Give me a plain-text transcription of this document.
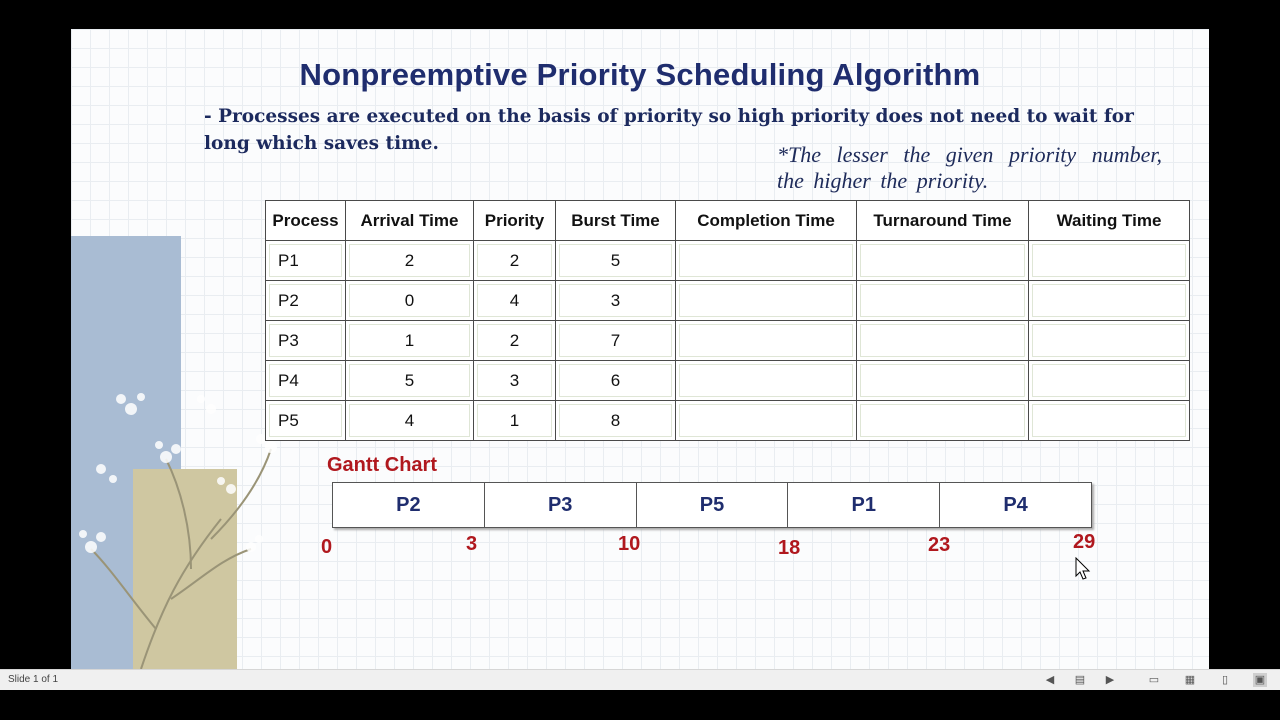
Nonpreemptive Priority Scheduling Algorithm
- Processes are executed on the basis of priority so high priority does not need to wait for long which saves time.	*The lesser the given priority number, the higher the priority.
Process	Arrival Time	Priority	Burst Time	Completion Time	Turnaround Time	Waiting Time
P1	2	2	5			
P2	0	4	3			
P3	1	2	7			
P4	5	3	6			
P5	4	1	8			
Gantt Chart
P2	P3	P5	P1	P4
0	3	10	18	23	29
Slide 1 of 1	◀ ▤ ▶	▭ ▦	▯	▣
